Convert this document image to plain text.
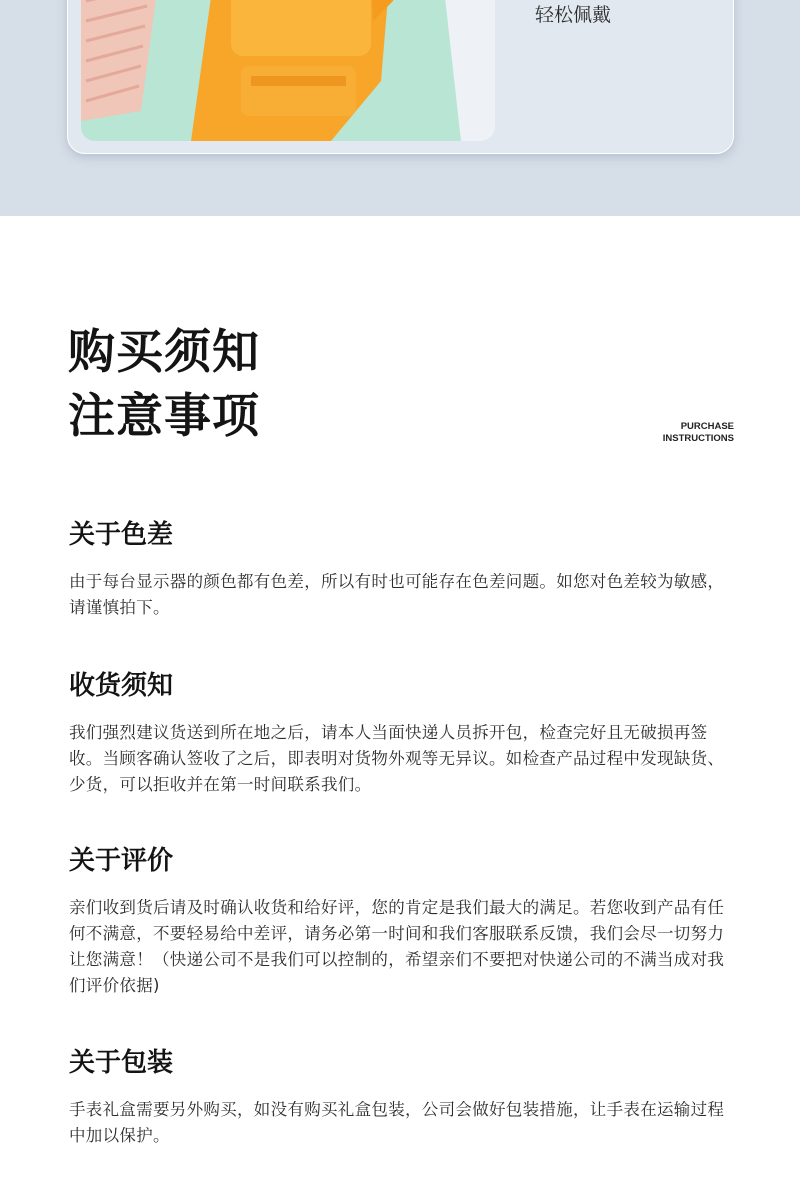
轻松佩戴
购买须知
注意事项	PURCHASE
INSTRUCTIONS
关于色差

由于每台显示器的颜色都有色差，所以有时也可能存在色差问题。如您对色差较为敏感，请谨慎拍下。

收货须知

我们强烈建议货送到所在地之后，请本人当面快递人员拆开包，检查完好且无破损再签收。当顾客确认签收了之后，即表明对货物外观等无异议。如检查产品过程中发现缺货、少货，可以拒收并在第一时间联系我们。

关于评价

亲们收到货后请及时确认收货和给好评，您的肯定是我们最大的满足。若您收到产品有任何不满意，不要轻易给中差评，请务必第一时间和我们客服联系反馈，我们会尽一切努力让您满意！（快递公司不是我们可以控制的，希望亲们不要把对快递公司的不满当成对我们评价依据)

关于包装

手表礼盒需要另外购买，如没有购买礼盒包装，公司会做好包装措施，让手表在运输过程中加以保护。
